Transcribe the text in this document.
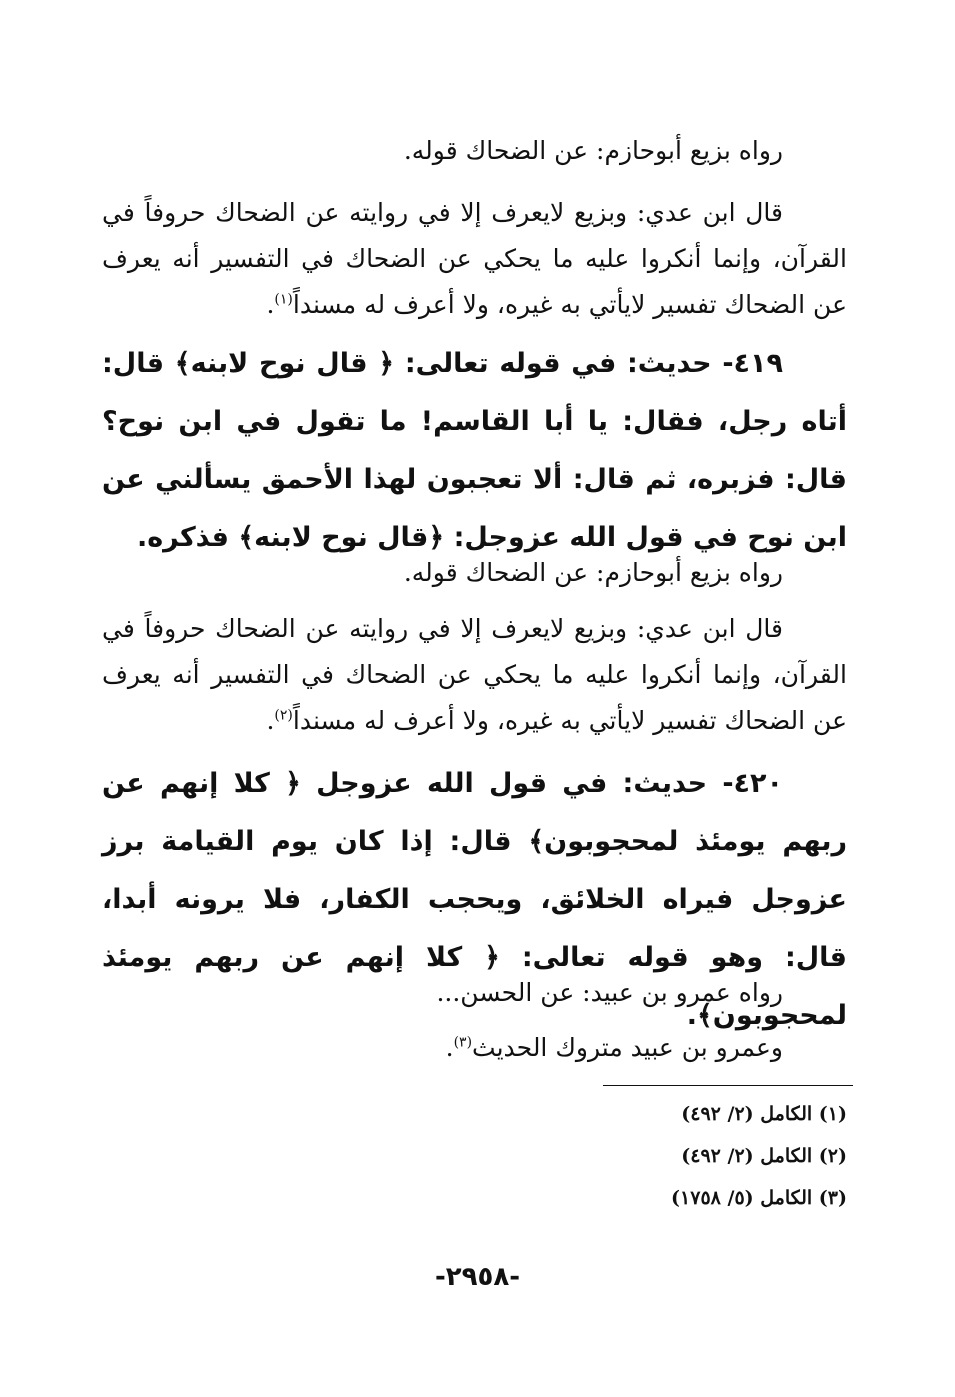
رواه بزيع أبوحازم: عن الضحاك قوله.

قال ابن عدي: وبزيع لايعرف إلا في روايته عن الضحاك حروفاً في القرآن، وإنما أنكروا عليه ما يحكي عن الضحاك في التفسير أنه يعرف عن الضحاك تفسير لايأتي به غيره، ولا أعرف له مسنداً$^{(١)}$.

٤١٩- حديث: في قوله تعالى: ﴿ قال نوح لابنه﴾ قال: أتاه رجل، فقال: يا أبا القاسم! ما تقول في ابن نوح؟ قال: فزبره، ثم قال: ألا تعجبون لهذا الأحمق يسألني عن ابن نوح في قول الله عزوجل: ﴿قال نوح لابنه﴾ فذكره.

رواه بزيع أبوحازم: عن الضحاك قوله.

قال ابن عدي: وبزيع لايعرف إلا في روايته عن الضحاك حروفاً في القرآن، وإنما أنكروا عليه ما يحكي عن الضحاك في التفسير أنه يعرف عن الضحاك تفسير لايأتي به غيره، ولا أعرف له مسنداً$^{(٢)}$.

٤٢٠- حديث: في قول الله عزوجل ﴿ كلا إنهم عن ربهم يومئذ لمحجوبون﴾ قال: إذا كان يوم القيامة برز عزوجل فيراه الخلائق، ويحجب الكفار، فلا يرونه أبدا، قال: وهو قوله تعالى: ﴿ كلا إنهم عن ربهم يومئذ لمحجوبون﴾.

رواه عمرو بن عبيد: عن الحسن...

وعمرو بن عبيد متروك الحديث$^{(٣)}$.

(١) الكامل (٢/ ٤٩٢)
(٢) الكامل (٢/ ٤٩٢)
(٣) الكامل (٥/ ١٧٥٨)
-٢٩٥٨-
